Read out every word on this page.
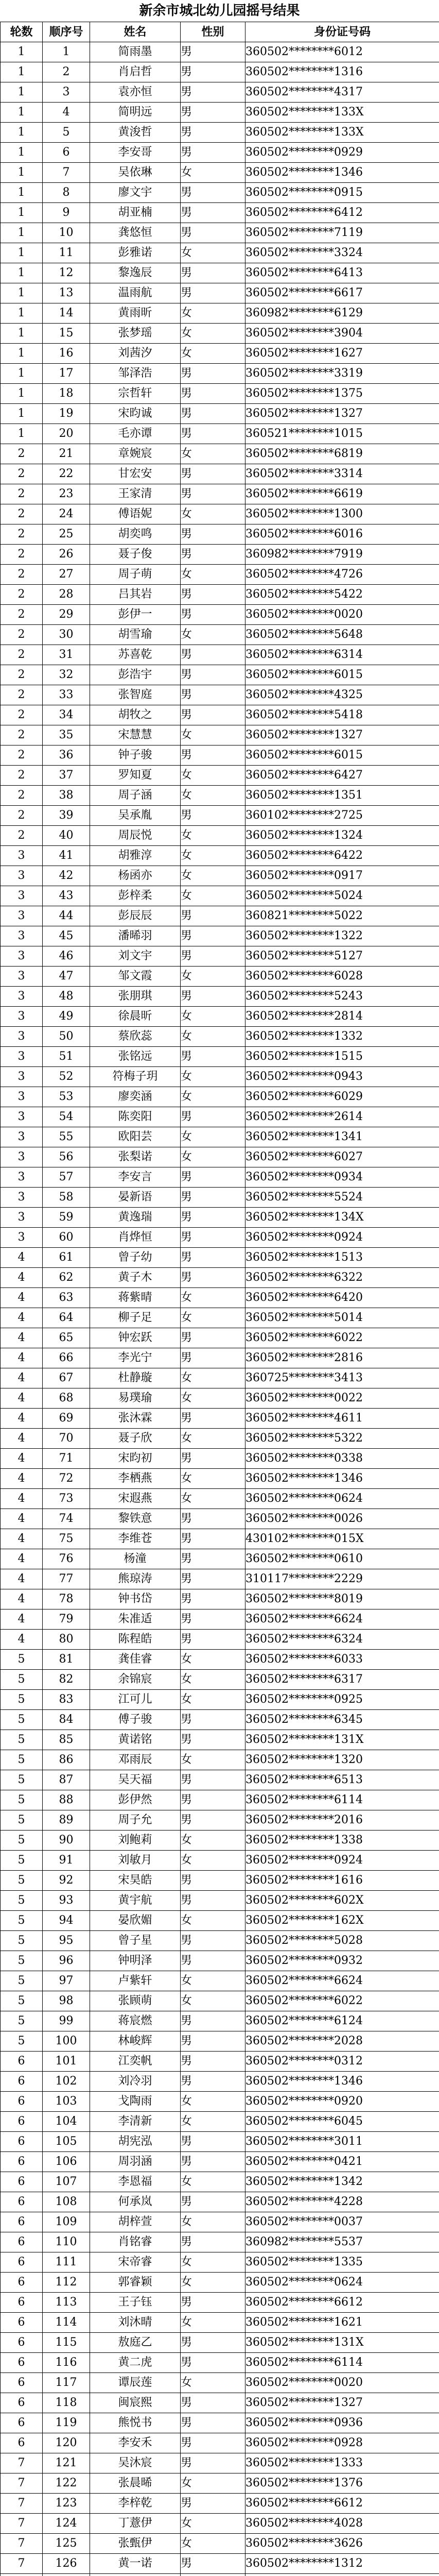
新余市城北幼儿园摇号结果
轮数	顺序号	姓名	性别	身份证号码
1	1	简雨墨	男	360502********6012
1	2	肖启哲	男	360502********1316
1	3	袁亦恒	男	360502********4317
1	4	简明远	男	360502********133X
1	5	黄浚哲	男	360502********133X
1	6	李安哥	男	360502********0929
1	7	吴依琳	女	360502********1346
1	8	廖文宇	男	360502********0915
1	9	胡亚楠	男	360502********6412
1	10	龚悠恒	男	360502********7119
1	11	彭雅诺	女	360502********3324
1	12	黎逸辰	男	360502********6413
1	13	温雨航	男	360502********6617
1	14	黄雨昕	女	360982********6129
1	15	张梦瑶	女	360502********3904
1	16	刘茜汐	女	360502********1627
1	17	邹泽浩	男	360502********3319
1	18	宗哲轩	男	360502********1375
1	19	宋昀诚	男	360502********1327
1	20	毛亦谭	男	360521********1015
2	21	章婉宸	女	360502********6819
2	22	甘宏安	男	360502********3314
2	23	王家清	男	360502********6619
2	24	傅语妮	女	360502********1300
2	25	胡奕鸣	男	360502********6016
2	26	聂子俊	男	360982********7919
2	27	周子萌	女	360502********4726
2	28	吕其岩	男	360502********5422
2	29	彭伊一	男	360502********0020
2	30	胡雪瑜	女	360502********5648
2	31	苏喜乾	男	360502********6314
2	32	彭浩宇	男	360502********6015
2	33	张智庭	男	360502********4325
2	34	胡牧之	男	360502********5418
2	35	宋慧慧	女	360502********1327
2	36	钟子骏	男	360502********6015
2	37	罗知夏	女	360502********6427
2	38	周子涵	女	360502********1351
2	39	吴承胤	男	360102********2725
2	40	周辰悦	女	360502********1324
3	41	胡雅淳	女	360502********6422
3	42	杨函亦	女	360502********0917
3	43	彭梓柔	女	360502********5024
3	44	彭辰辰	男	360821********5022
3	45	潘晞羽	男	360502********1322
3	46	刘文宇	男	360502********5127
3	47	邹文霞	女	360502********6028
3	48	张朋琪	男	360502********5243
3	49	徐晨昕	女	360502********2814
3	50	蔡欣蕊	女	360502********1332
3	51	张铭远	男	360502********1515
3	52	符梅子玥	女	360502********0943
3	53	廖奕涵	女	360502********6029
3	54	陈奕阳	男	360502********2614
3	55	欧阳芸	女	360502********1341
3	56	张梨诺	女	360502********6027
3	57	李安言	男	360502********0934
3	58	晏新语	男	360502********5524
3	59	黄逸瑞	男	360502********134X
3	60	肖烨恒	男	360502********0924
4	61	曾子幼	男	360502********1513
4	62	黄子木	男	360502********6322
4	63	蒋紫晴	女	360502********6420
4	64	柳子足	女	360502********5014
4	65	钟宏跃	男	360502********6022
4	66	李光宁	男	360502********2816
4	67	杜静璇	女	360725********3413
4	68	易璞瑜	女	360502********0022
4	69	张沐霖	男	360502********4611
4	70	聂子欣	女	360502********5322
4	71	宋昀初	男	360502********0338
4	72	李栖燕	女	360502********1346
4	73	宋遐燕	女	360502********0624
4	74	黎铁意	男	360502********0026
4	75	李维苍	男	430102********015X
4	76	杨潼	男	360502********0610
4	77	熊琼涛	男	310117********2229
4	78	钟书岱	男	360502********8019
4	79	朱准适	男	360502********6624
4	80	陈程皓	男	360502********6324
5	81	龚佳睿	女	360502********6033
5	82	余锦宸	女	360502********6317
5	83	江可儿	女	360502********0925
5	84	傅子骏	男	360502********6345
5	85	黄诺铭	男	360502********131X
5	86	邓雨辰	女	360502********1320
5	87	吴天福	男	360502********6513
5	88	彭伊然	男	360502********6114
5	89	周子允	男	360502********2016
5	90	刘鲍莉	女	360502********1338
5	91	刘敏月	女	360502********0924
5	92	宋昊皓	男	360502********1616
5	93	黄宇航	男	360502********602X
5	94	晏欣媚	女	360502********162X
5	95	曾子星	男	360502********5028
5	96	钟明泽	男	360502********0932
5	97	卢紫轩	女	360502********6624
5	98	张顾萌	女	360502********6022
5	99	蒋宸燃	男	360502********6124
5	100	林峻辉	男	360502********2028
6	101	江奕帆	男	360502********0312
6	102	刘冷羽	男	360502********1346
6	103	戈陶雨	女	360502********0920
6	104	李清新	女	360502********6045
6	105	胡宪泓	男	360502********3011
6	106	周羽涵	男	360502********0421
6	107	李恩福	女	360502********1342
6	108	何承岚	男	360502********4228
6	109	胡梓萱	女	360502********0037
6	110	肖铭睿	男	360982********5537
6	111	宋帝睿	女	360502********1335
6	112	郭睿颖	女	360502********0624
6	113	王子钰	男	360502********6612
6	114	刘沐晴	女	360502********1621
6	115	敖庭乙	男	360502********131X
6	116	黄二虎	男	360502********6114
6	117	谭辰莲	女	360502********0020
6	118	闽宸熙	男	360502********1327
6	119	熊悦书	男	360502********0936
6	120	李安禾	男	360502********0928
7	121	吴沐宸	男	360502********1333
7	122	张晨晞	女	360502********1376
7	123	李梓乾	男	360502********6612
7	124	丁薏伊	女	360502********4028
7	125	张甄伊	女	360502********3626
7	126	黄一诺	男	360502********1312
